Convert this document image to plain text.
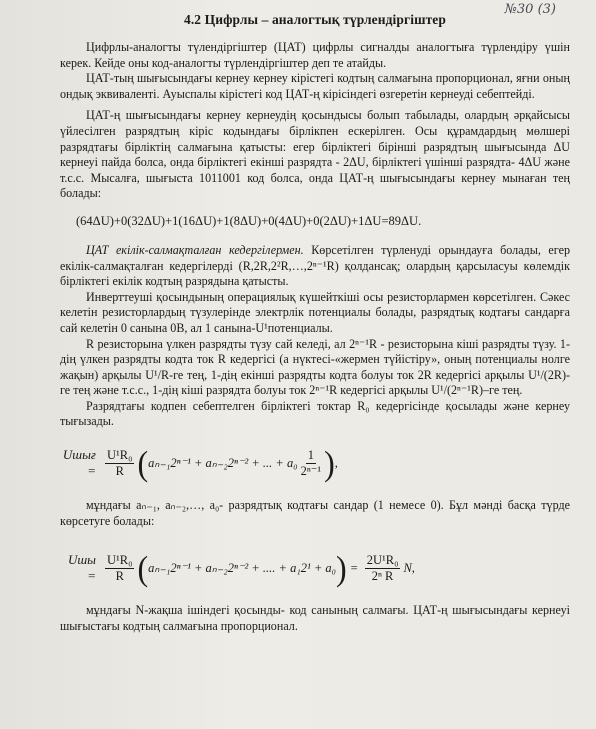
№30 (3)
4.2 Цифрлы – аналогтық түрлендіргіштер

Цифрлы-аналогты түлендіргіштер (ЦАТ) цифрлы сигналды аналогтыға түрлендіру үшін керек. Кейде оны код-аналогты түрлендіргіштер деп те атайды.

ЦАТ-тың шығысындағы кернеу кернеу кірістегі кодтың салмағына пропорционал, яғни оның ондық эквиваленті. Ауыспалы кірістегі код ЦАТ-ң кірісіндегі өзгеретін кернеуді себептейді.

ЦАТ-ң шығысындағы кернеу кернеудің қосындысы болып табылады, олардың әрқайсысы үйлесілген разрядтың кіріс кодындағы бірлікпен ескерілген. Осы құрамдардың мөлшері разрядтағы бірліктің салмағына қатысты: егер бірліктегі бірінші разрядтың шығысында ΔU кернеуі пайда болса, онда бірліктегі екінші разрядта - 2ΔU, бірліктегі үшінші разрядта- 4ΔU және т.с.с. Мысалға, шығыста 1011001 код болса, онда ЦАТ-ң шығысындағы кернеу мынаған тең болады:

(64ΔU)+0(32ΔU)+1(16ΔU)+1(8ΔU)+0(4ΔU)+0(2ΔU)+1ΔU=89ΔU.

ЦАТ екілік-салмақталған кедергілермен. Көрсетілген түрленуді орындауға болады, егер екілік-салмақталған кедергілерді (R,2R,2²R,…,2ⁿ⁻¹R) қолдансақ; олардың қарсыласуы көлемдік бірліктегі екілік кодтың разрядына қатысты.

Инверттеуші қосындының операциялық күшейткіші осы резисторлармен көрсетілген. Сәкес келетін резисторлардың түзулерінде электрлік потенциалы болады, разрядтық кодтағы сандарға сай келетін 0 санына 0В, ал 1 санына-U¹потенциалы.

R резисторына үлкен разрядты түзу сай келеді, ал 2ⁿ⁻¹R - резисторына кіші разрядты түзу. 1-дің үлкен разрядты кодта ток R кедергісі (а нүктесі-«жермен түйістіру», оның потенциалы нолге жақын) арқылы U¹/R-ге тең, 1-дің екінші разрядты кодта болуы ток 2R кедергісі арқылы U¹/(2R)-ге тең және т.с.с., 1-дің кіші разрядта болуы ток 2ⁿ⁻¹R кедергісі арқылы U¹/(2ⁿ⁻¹R)–ге тең.

Разрядтағы кодпен себептелген бірліктегі токтар R₀ кедергісінде қосылады және кернеу тығызады.

Uшығ = $\frac{\text{U¹R₀}}{R}$ ( aₙ₋₁2ⁿ⁻¹ + aₙ₋₂2ⁿ⁻² + ... + $a_0 \frac{1}{\text{2ⁿ⁻¹}}$ ) ,

мұндағы aₙ₋₁, aₙ₋₂,…, a₀- разрядтық кодтағы сандар (1 немесе 0). Бұл мәнді басқа түрде көрсетуге болады:

Uшы = $\frac{\text{U¹R₀}}{R}$ ( aₙ₋₁2ⁿ⁻¹ + aₙ₋₂2ⁿ⁻² + .... + a₁2¹ + a₀ ) = $\frac{\text{2U¹R₀}}{\text{2ⁿ R}} N$,

мұндағы N-жақша ішіндегі қосынды- код санының салмағы. ЦАТ-ң шығысындағы кернеуі шығыстағы кодтың салмағына пропорционал.
